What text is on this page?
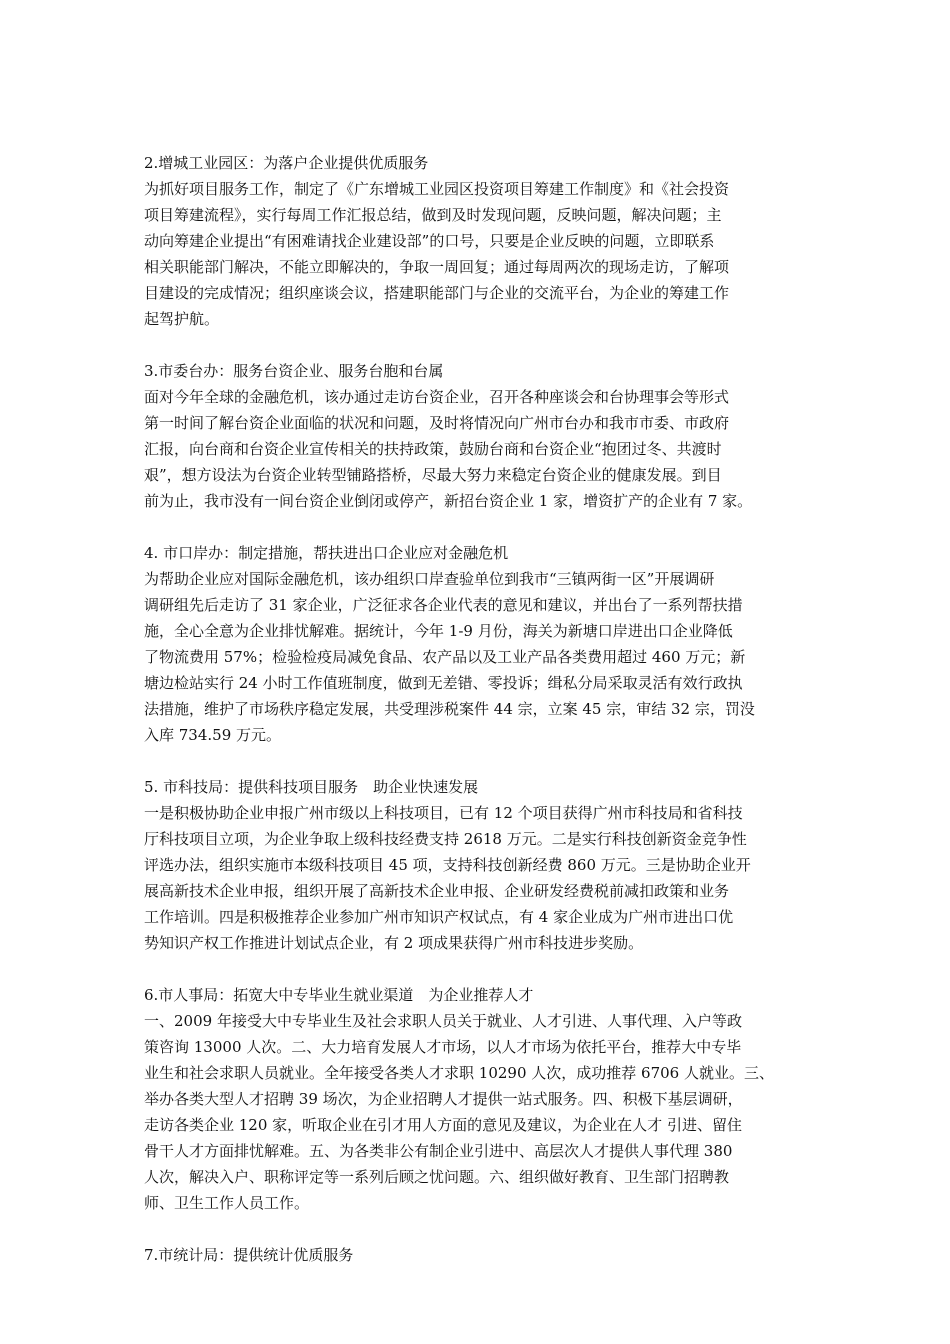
2.增城工业园区：为落户企业提供优质服务
为抓好项目服务工作，制定了《广东增城工业园区投资项目筹建工作制度》和《社会投资
项目筹建流程》，实行每周工作汇报总结，做到及时发现问题，反映问题，解决问题；主
动向筹建企业提出“有困难请找企业建设部”的口号，只要是企业反映的问题，立即联系
相关职能部门解决，不能立即解决的，争取一周回复；通过每周两次的现场走访，了解项
目建设的完成情况；组织座谈会议，搭建职能部门与企业的交流平台，为企业的筹建工作
起驾护航。
3.市委台办：服务台资企业、服务台胞和台属
面对今年全球的金融危机，该办通过走访台资企业，召开各种座谈会和台协理事会等形式
第一时间了解台资企业面临的状况和问题，及时将情况向广州市台办和我市市委、市政府
汇报，向台商和台资企业宣传相关的扶持政策，鼓励台商和台资企业“抱团过冬、共渡时
艰”，想方设法为台资企业转型铺路搭桥，尽最大努力来稳定台资企业的健康发展。到目
前为止，我市没有一间台资企业倒闭或停产，新招台资企业 1 家，增资扩产的企业有 7 家。
4. 市口岸办：制定措施，帮扶进出口企业应对金融危机
为帮助企业应对国际金融危机，该办组织口岸查验单位到我市“三镇两街一区”开展调研
调研组先后走访了 31 家企业，广泛征求各企业代表的意见和建议，并出台了一系列帮扶措
施，全心全意为企业排忧解难。据统计，今年 1-9 月份，海关为新塘口岸进出口企业降低
了物流费用 57%；检验检疫局减免食品、农产品以及工业产品各类费用超过 460 万元；新
塘边检站实行 24 小时工作值班制度，做到无差错、零投诉；缉私分局采取灵活有效行政执
法措施，维护了市场秩序稳定发展，共受理涉税案件 44 宗，立案 45 宗，审结 32 宗，罚没
入库 734.59 万元。
5. 市科技局：提供科技项目服务　助企业快速发展
一是积极协助企业申报广州市级以上科技项目，已有 12 个项目获得广州市科技局和省科技
厅科技项目立项，为企业争取上级科技经费支持 2618 万元。二是实行科技创新资金竞争性
评选办法，组织实施市本级科技项目 45 项，支持科技创新经费 860 万元。三是协助企业开
展高新技术企业申报，组织开展了高新技术企业申报、企业研发经费税前减扣政策和业务
工作培训。四是积极推荐企业参加广州市知识产权试点，有 4 家企业成为广州市进出口优
势知识产权工作推进计划试点企业，有 2 项成果获得广州市科技进步奖励。
6.市人事局：拓宽大中专毕业生就业渠道　为企业推荐人才
一、2009 年接受大中专毕业生及社会求职人员关于就业、人才引进、人事代理、入户等政
策咨询 13000 人次。二、大力培育发展人才市场，以人才市场为依托平台，推荐大中专毕
业生和社会求职人员就业。全年接受各类人才求职 10290 人次，成功推荐 6706 人就业。三、
举办各类大型人才招聘 39 场次，为企业招聘人才提供一站式服务。四、积极下基层调研，
走访各类企业 120 家，听取企业在引才用人方面的意见及建议，为企业在人才 引进、留住
骨干人才方面排忧解难。五、为各类非公有制企业引进中、高层次人才提供人事代理 380
人次，解决入户、职称评定等一系列后顾之忧问题。六、组织做好教育、卫生部门招聘教
师、卫生工作人员工作。
7.市统计局：提供统计优质服务
